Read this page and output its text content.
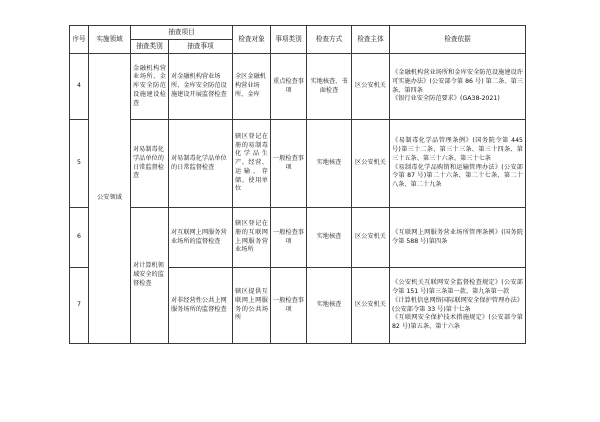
序号	实施领域	抽查项目		检查对象	事项类别	检查方式	检查主体	检查依据
		抽查类别	抽查事项					
4	公安领域	金融机构营业场所、金库安全防范设施建设检查	对金融机构营业场所、金库安全防范设施建设开展监督检查	全区金融机构营业场所、金库	重点检查事项	实地核查、书面检查	区公安机关	《金融机构营业场所和金库安全防范设施建设许可实施办法》(公安部令第 86 号) 第二条、第三条、第四条
《银行业安全防范要求》(GA38-2021)

5		对易制毒化学品单位的日常监督检查	对易制毒化学品单位的日常监督检查	辖区登记在册的易制毒化学品生产、经营、运输、存储、使用单位	一般检查事项	实地核查	区公安机关	《易制毒化学品管理条例》(国务院令第 445 号)第三十二条、第三十三条、第三十四条、第三十五条、第三十六条、第三十七条
《易制毒化学品购销和运输管理办法》(公安部令第 87 号)第二十六条、第二十七条、第二十八条、第二十九条

6		对计算机领域安全的监督检查	对互联网上网服务营业场所的监督检查	辖区登记在册的互联网上网服务营业场所	一般检查事项	实地核查	区公安机关	《互联网上网服务营业场所管理条例》(国务院令第 588 号)第四条

7			对非经营性公共上网服务场所的监督检查	辖区提供互联网上网服务的公共场所	一般检查事项	实地核查	区公安机关	《公安机关互联网安全监督检查规定》(公安部令第 151 号)第三条第一款、第九条第一款
《计算机信息网络国际联网安全保护管理办法》(公安部令第 33 号)第十七条
《互联网安全保护技术措施规定》(公安部令第 82 号)第五条、第十六条
